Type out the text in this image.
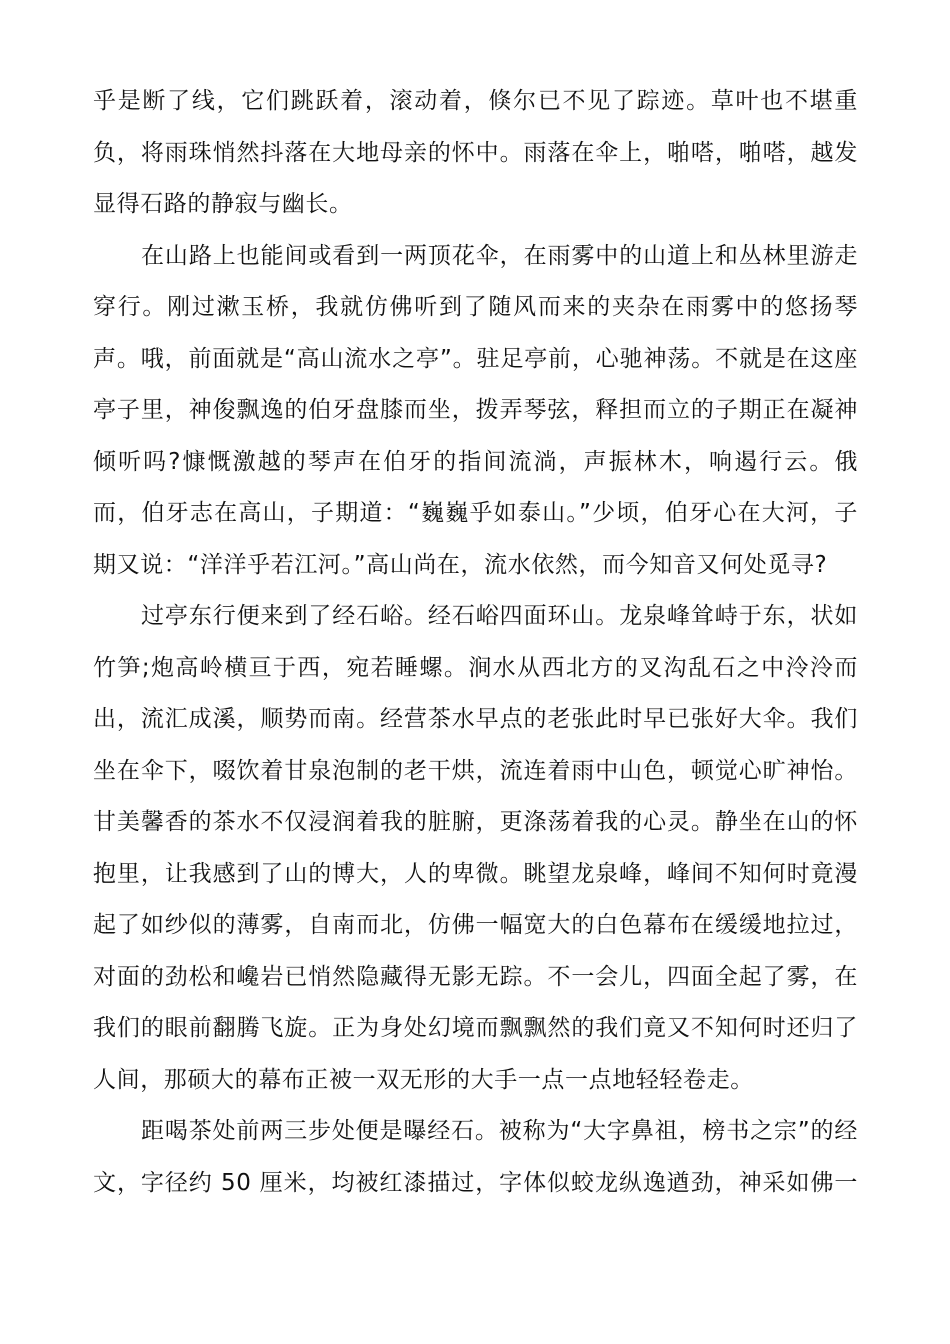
乎是断了线，它们跳跃着，滚动着，倏尔已不见了踪迹。草叶也不堪重
负，将雨珠悄然抖落在大地母亲的怀中。雨落在伞上，啪嗒，啪嗒，越发
显得石路的静寂与幽长。
在山路上也能间或看到一两顶花伞，在雨雾中的山道上和丛林里游走
穿行。刚过漱玉桥，我就仿佛听到了随风而来的夹杂在雨雾中的悠扬琴
声。哦，前面就是“高山流水之亭”。驻足亭前，心驰神荡。不就是在这座
亭子里，神俊飘逸的伯牙盘膝而坐，拨弄琴弦，释担而立的子期正在凝神
倾听吗?慷慨激越的琴声在伯牙的指间流淌，声振林木，响遏行云。俄
而，伯牙志在高山，子期道：“巍巍乎如泰山。”少顷，伯牙心在大河，子
期又说：“洋洋乎若江河。”高山尚在，流水依然，而今知音又何处觅寻?
过亭东行便来到了经石峪。经石峪四面环山。龙泉峰耸峙于东，状如
竹笋;炮高岭横亘于西，宛若睡螺。涧水从西北方的叉沟乱石之中泠泠而
出，流汇成溪，顺势而南。经营茶水早点的老张此时早已张好大伞。我们
坐在伞下，啜饮着甘泉泡制的老干烘，流连着雨中山色，顿觉心旷神怡。
甘美馨香的茶水不仅浸润着我的脏腑，更涤荡着我的心灵。静坐在山的怀
抱里，让我感到了山的博大，人的卑微。眺望龙泉峰，峰间不知何时竟漫
起了如纱似的薄雾，自南而北，仿佛一幅宽大的白色幕布在缓缓地拉过，
对面的劲松和巉岩已悄然隐藏得无影无踪。不一会儿，四面全起了雾，在
我们的眼前翻腾飞旋。正为身处幻境而飘飘然的我们竟又不知何时还归了
人间，那硕大的幕布正被一双无形的大手一点一点地轻轻卷走。
距喝茶处前两三步处便是曝经石。被称为“大字鼻祖，榜书之宗”的经
文，字径约 50 厘米，均被红漆描过，字体似蛟龙纵逸遒劲，神采如佛一
